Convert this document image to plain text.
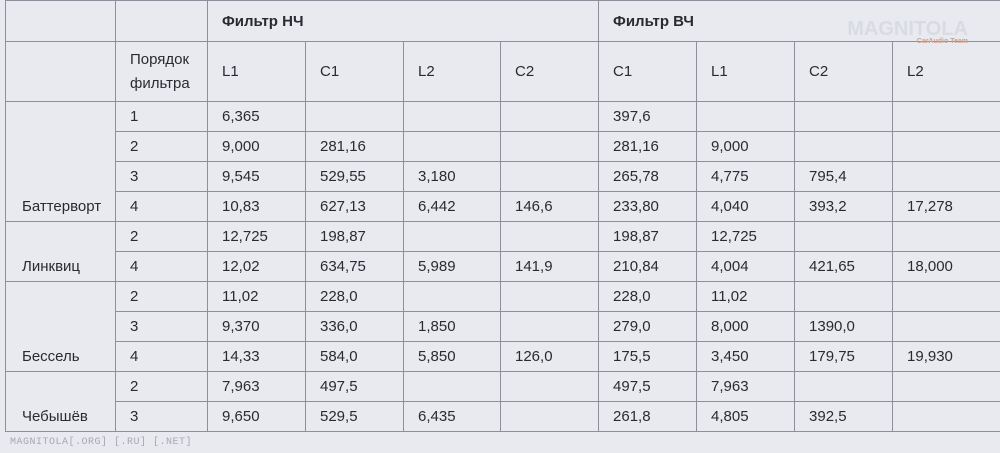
		Фильтр НЧ				Фильтр ВЧ			
	Порядок фильтра	L1	C1	L2	C2	C1	L1	C2	L2
Баттерворт	1	6,365				397,6			
	2	9,000	281,16			281,16	9,000		
	3	9,545	529,55	3,180		265,78	4,775	795,4	
	4	10,83	627,13	6,442	146,6	233,80	4,040	393,2	17,278
Линквиц	2	12,725	198,87			198,87	12,725		
	4	12,02	634,75	5,989	141,9	210,84	4,004	421,65	18,000
Бессель	2	11,02	228,0			228,0	11,02		
	3	9,370	336,0	1,850		279,0	8,000	1390,0	
	4	14,33	584,0	5,850	126,0	175,5	3,450	179,75	19,930
Чебышёв	2	7,963	497,5			497,5	7,963		
	3	9,650	529,5	6,435		261,8	4,805	392,5	
MAGNITOLA
CarAudio Team
MAGNITOLA[.ORG] [.RU] [.NET]
